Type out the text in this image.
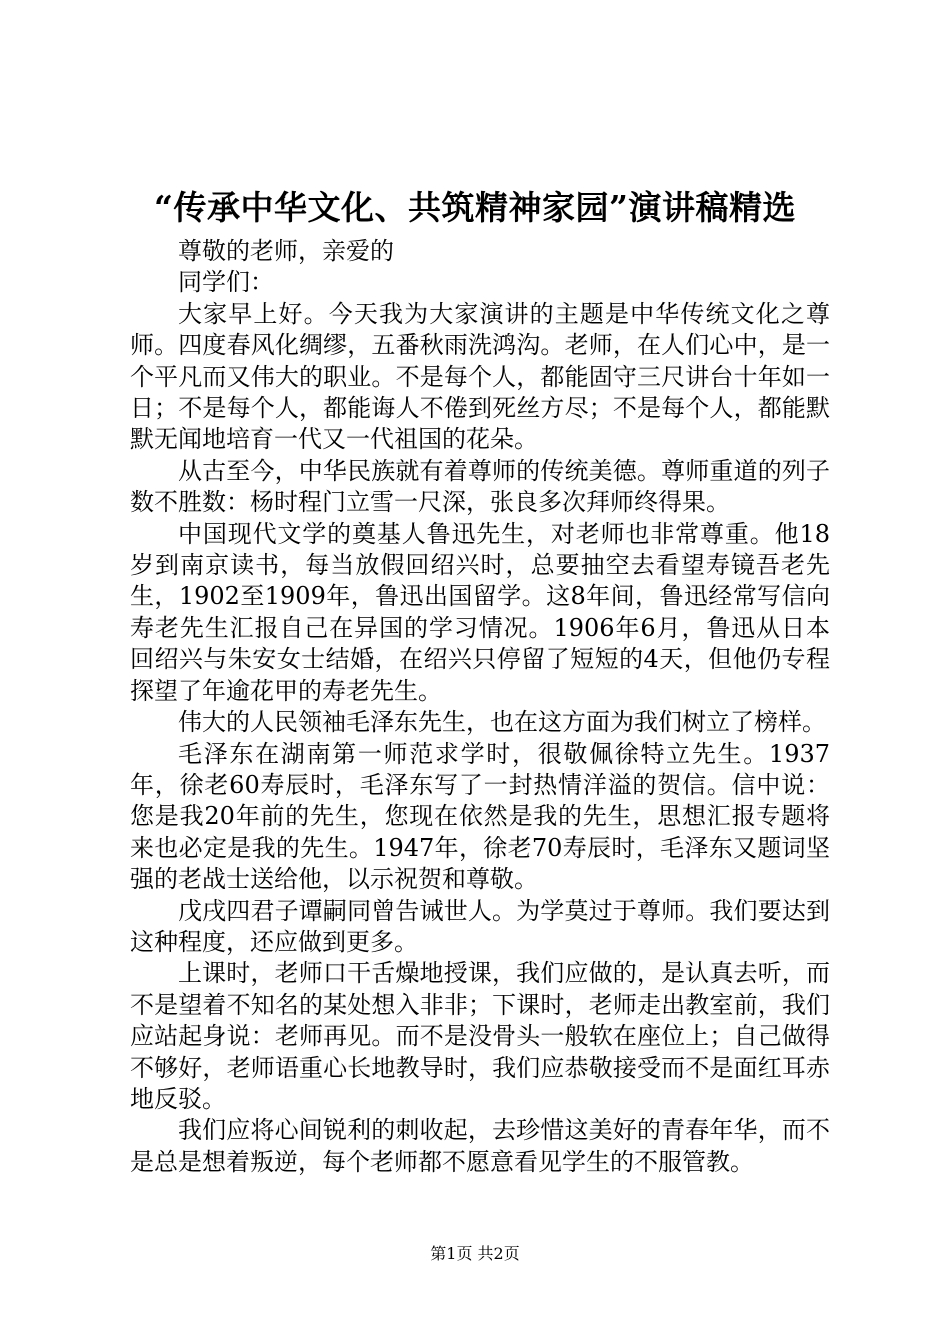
“传承中华文化、共筑精神家园”演讲稿精选

尊敬的老师，亲爱的

同学们：

大家早上好。今天我为大家演讲的主题是中华传统文化之尊师。四度春风化绸缪，五番秋雨洗鸿沟。老师，在人们心中，是一个平凡而又伟大的职业。不是每个人，都能固守三尺讲台十年如一日；不是每个人，都能诲人不倦到死丝方尽；不是每个人，都能默默无闻地培育一代又一代祖国的花朵。

从古至今，中华民族就有着尊师的传统美德。尊师重道的列子数不胜数：杨时程门立雪一尺深，张良多次拜师终得果。

中国现代文学的奠基人鲁迅先生，对老师也非常尊重。他18岁到南京读书，每当放假回绍兴时，总要抽空去看望寿镜吾老先生，1902至1909年，鲁迅出国留学。这8年间，鲁迅经常写信向寿老先生汇报自己在异国的学习情况。1906年6月，鲁迅从日本回绍兴与朱安女士结婚，在绍兴只停留了短短的4天，但他仍专程探望了年逾花甲的寿老先生。

伟大的人民领袖毛泽东先生，也在这方面为我们树立了榜样。

毛泽东在湖南第一师范求学时，很敬佩徐特立先生。1937年，徐老60寿辰时，毛泽东写了一封热情洋溢的贺信。信中说：您是我20年前的先生，您现在依然是我的先生，思想汇报专题将来也必定是我的先生。1947年，徐老70寿辰时，毛泽东又题词坚强的老战士送给他，以示祝贺和尊敬。

戊戌四君子谭嗣同曾告诫世人。为学莫过于尊师。我们要达到这种程度，还应做到更多。

上课时，老师口干舌燥地授课，我们应做的，是认真去听，而不是望着不知名的某处想入非非；下课时，老师走出教室前，我们应站起身说：老师再见。而不是没骨头一般软在座位上；自己做得不够好，老师语重心长地教导时，我们应恭敬接受而不是面红耳赤地反驳。

我们应将心间锐利的刺收起，去珍惜这美好的青春年华，而不是总是想着叛逆，每个老师都不愿意看见学生的不服管教。

第1页 共2页
